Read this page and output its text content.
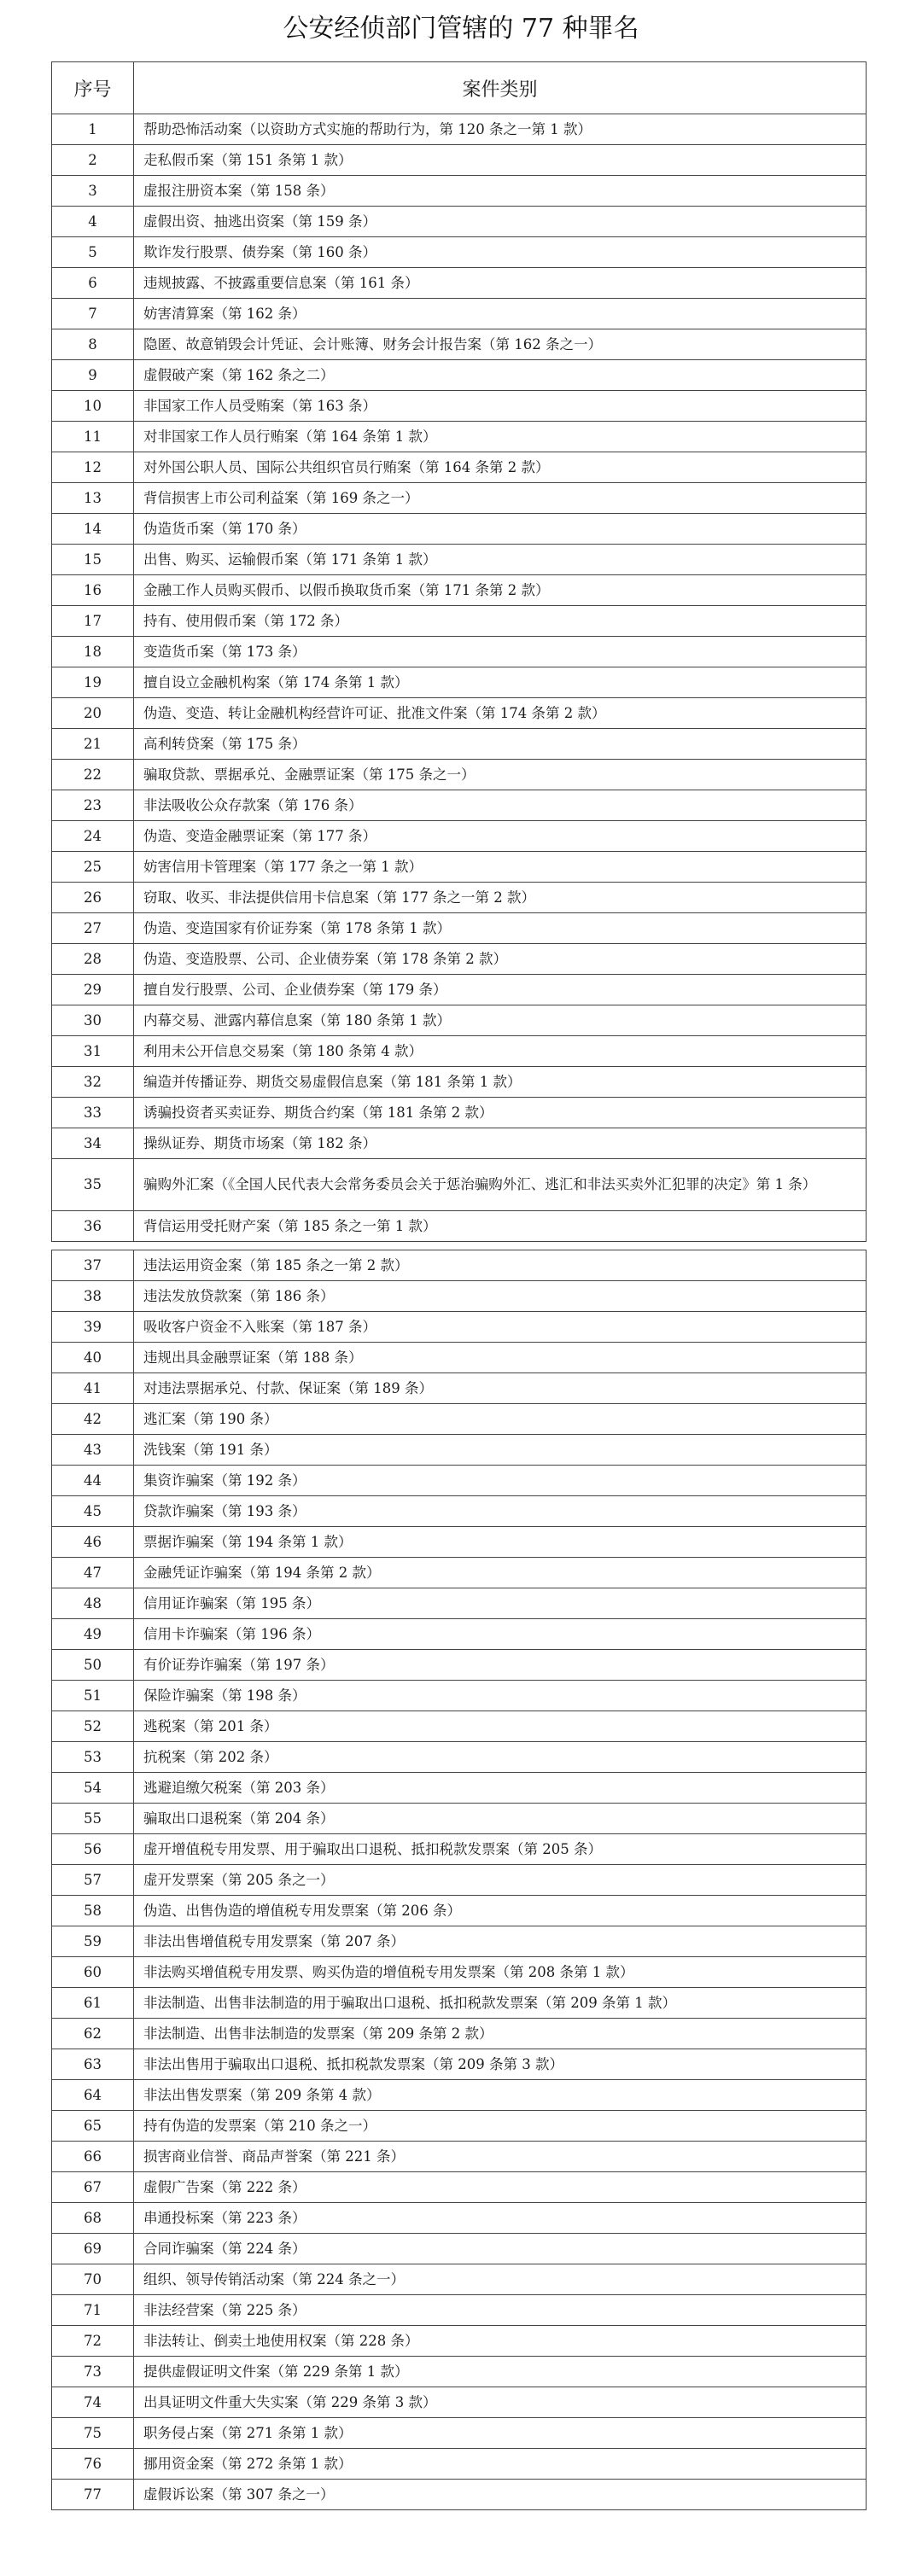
公安经侦部门管辖的 77 种罪名
序号	案件类别
1	帮助恐怖活动案（以资助方式实施的帮助行为，第 120 条之一第 1 款）
2	走私假币案（第 151 条第 1 款）
3	虚报注册资本案（第 158 条）
4	虚假出资、抽逃出资案（第 159 条）
5	欺诈发行股票、债券案（第 160 条）
6	违规披露、不披露重要信息案（第 161 条）
7	妨害清算案（第 162 条）
8	隐匿、故意销毁会计凭证、会计账簿、财务会计报告案（第 162 条之一）
9	虚假破产案（第 162 条之二）
10	非国家工作人员受贿案（第 163 条）
11	对非国家工作人员行贿案（第 164 条第 1 款）
12	对外国公职人员、国际公共组织官员行贿案（第 164 条第 2 款）
13	背信损害上市公司利益案（第 169 条之一）
14	伪造货币案（第 170 条）
15	出售、购买、运输假币案（第 171 条第 1 款）
16	金融工作人员购买假币、以假币换取货币案（第 171 条第 2 款）
17	持有、使用假币案（第 172 条）
18	变造货币案（第 173 条）
19	擅自设立金融机构案（第 174 条第 1 款）
20	伪造、变造、转让金融机构经营许可证、批准文件案（第 174 条第 2 款）
21	高利转贷案（第 175 条）
22	骗取贷款、票据承兑、金融票证案（第 175 条之一）
23	非法吸收公众存款案（第 176 条）
24	伪造、变造金融票证案（第 177 条）
25	妨害信用卡管理案（第 177 条之一第 1 款）
26	窃取、收买、非法提供信用卡信息案（第 177 条之一第 2 款）
27	伪造、变造国家有价证券案（第 178 条第 1 款）
28	伪造、变造股票、公司、企业债券案（第 178 条第 2 款）
29	擅自发行股票、公司、企业债券案（第 179 条）
30	内幕交易、泄露内幕信息案（第 180 条第 1 款）
31	利用未公开信息交易案（第 180 条第 4 款）
32	编造并传播证券、期货交易虚假信息案（第 181 条第 1 款）
33	诱骗投资者买卖证券、期货合约案（第 181 条第 2 款）
34	操纵证券、期货市场案（第 182 条）
35	骗购外汇案（《全国人民代表大会常务委员会关于惩治骗购外汇、逃汇和非法买卖外汇犯罪的决定》第 1 条）
36	背信运用受托财产案（第 185 条之一第 1 款）
37	违法运用资金案（第 185 条之一第 2 款）
38	违法发放贷款案（第 186 条）
39	吸收客户资金不入账案（第 187 条）
40	违规出具金融票证案（第 188 条）
41	对违法票据承兑、付款、保证案（第 189 条）
42	逃汇案（第 190 条）
43	洗钱案（第 191 条）
44	集资诈骗案（第 192 条）
45	贷款诈骗案（第 193 条）
46	票据诈骗案（第 194 条第 1 款）
47	金融凭证诈骗案（第 194 条第 2 款）
48	信用证诈骗案（第 195 条）
49	信用卡诈骗案（第 196 条）
50	有价证券诈骗案（第 197 条）
51	保险诈骗案（第 198 条）
52	逃税案（第 201 条）
53	抗税案（第 202 条）
54	逃避追缴欠税案（第 203 条）
55	骗取出口退税案（第 204 条）
56	虚开增值税专用发票、用于骗取出口退税、抵扣税款发票案（第 205 条）
57	虚开发票案（第 205 条之一）
58	伪造、出售伪造的增值税专用发票案（第 206 条）
59	非法出售增值税专用发票案（第 207 条）
60	非法购买增值税专用发票、购买伪造的增值税专用发票案（第 208 条第 1 款）
61	非法制造、出售非法制造的用于骗取出口退税、抵扣税款发票案（第 209 条第 1 款）
62	非法制造、出售非法制造的发票案（第 209 条第 2 款）
63	非法出售用于骗取出口退税、抵扣税款发票案（第 209 条第 3 款）
64	非法出售发票案（第 209 条第 4 款）
65	持有伪造的发票案（第 210 条之一）
66	损害商业信誉、商品声誉案（第 221 条）
67	虚假广告案（第 222 条）
68	串通投标案（第 223 条）
69	合同诈骗案（第 224 条）
70	组织、领导传销活动案（第 224 条之一）
71	非法经营案（第 225 条）
72	非法转让、倒卖土地使用权案（第 228 条）
73	提供虚假证明文件案（第 229 条第 1 款）
74	出具证明文件重大失实案（第 229 条第 3 款）
75	职务侵占案（第 271 条第 1 款）
76	挪用资金案（第 272 条第 1 款）
77	虚假诉讼案（第 307 条之一）
